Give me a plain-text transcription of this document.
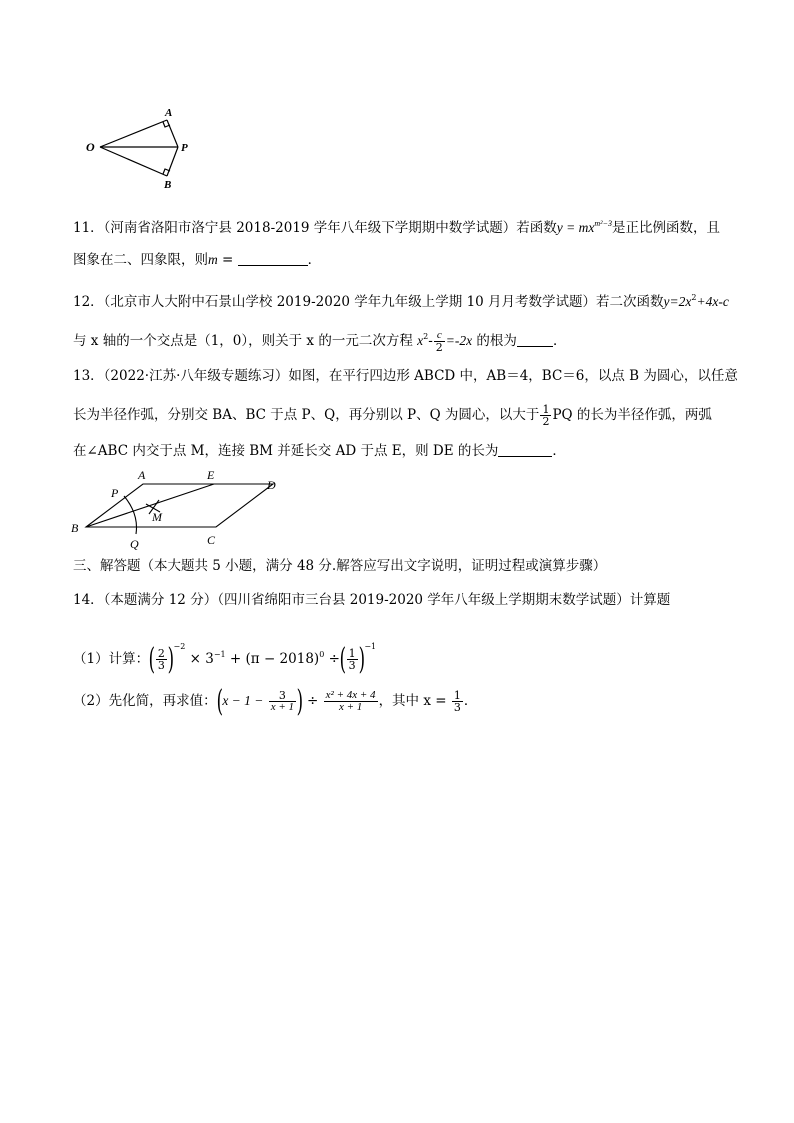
O
A
P
B
11．（河南省洛阳市洛宁县 2018-2019 学年八年级下学期期中数学试题）若函数$y = mx^{m^2-3}$是正比例函数，且
图象在二、四象限，则m =	．
12．（北京市人大附中石景山学校 2019-2020 学年九年级上学期 10 月月考数学试题）若二次函数$y=2x^2+4x-c$
与 x 轴的一个交点是（1，0），则关于 x 的一元二次方程 $x^2- \frac{c}{2} =-2x$ 的根为	．
13．（2022·江苏·八年级专题练习）如图，在平行四边形 ABCD 中，AB＝4，BC＝6，以点 B 为圆心，以任意
长为半径作弧，分别交 BA、BC 于点 P、Q，再分别以 P、Q 为圆心，以大于 $\frac{1}{2}$ PQ 的长为半径作弧，两弧
在∠ABC 内交于点 M，连接 BM 并延长交 AD 于点 E，则 DE 的长为	．
A	E
D
P
M
B
Q	C
三、解答题（本大题共 5 小题，满分 48 分.解答应写出文字说明，证明过程或演算步骤）
14．（本题满分 12 分）（四川省绵阳市三台县 2019-2020 学年八年级上学期期末数学试题）计算题
（1）计算：( $\frac{2}{3} )^{-2} \times 3^{-1} + (\pi - 2018)^0$ ÷( $\frac{1}{3} )^{-1}$
（2）先化简，再求值：($x - 1 - \frac{3}{x + 1}$ ) ÷ $\frac{\text{x² + 4x + 4}}{x + 1}$ ，其中 $x = \frac{1}{3}$ ．
